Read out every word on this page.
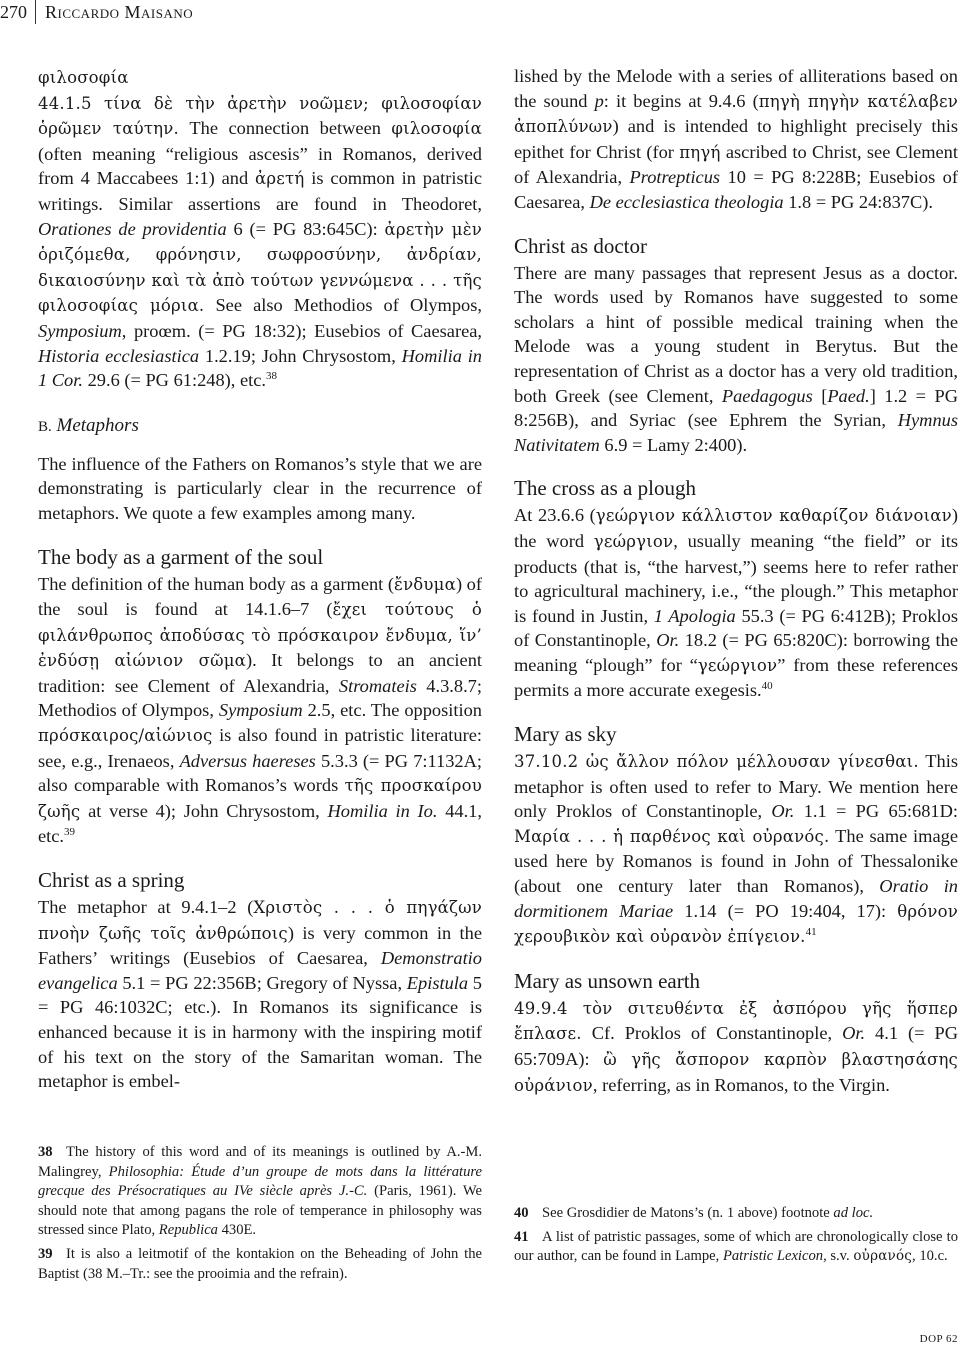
270 Riccardo Maisano
φιλοσοφία

44.1.5 τίνα δὲ τὴν ἀρετὴν νοῶμεν; φιλοσοφίαν ὁρῶμεν ταύτην. The connection between φιλοσοφία (often meaning “religious ascesis” in Romanos, derived from 4 Maccabees 1:1) and ἀρετή is common in patristic writings. Similar assertions are found in Theodoret, Orationes de providentia 6 (= PG 83:645C): ἀρετὴν μὲν ὁριζόμεθα, φρόνησιν, σωφροσύνην, ἀνδρίαν, δικαιοσύνην καὶ τὰ ἀπὸ τούτων γεννώμενα . . . τῆς φιλοσοφίας μόρια. See also Methodios of Olympos, Symposium, proœm. (= PG 18:32); Eusebios of Caesarea, Historia ecclesiastica 1.2.19; John Chrysostom, Homilia in 1 Cor. 29.6 (= PG 61:248), etc.$^{38}$

B. Metaphors

The influence of the Fathers on Romanos’s style that we are demonstrating is particularly clear in the recurrence of metaphors. We quote a few examples among many.

The body as a garment of the soul

The definition of the human body as a garment (ἔνδυμα) of the soul is found at 14.1.6–7 (ἔχει τούτους ὁ φιλάνθρωπος ἀποδύσας τὸ πρόσκαιρον ἔνδυμα, ἵν’ ἐνδύσῃ αἰώνιον σῶμα). It belongs to an ancient tradition: see Clement of Alexandria, Stromateis 4.3.8.7; Methodios of Olympos, Symposium 2.5, etc. The opposition πρόσκαιρος/αἰώνιος is also found in patristic literature: see, e.g., Irenaeos, Adversus haereses 5.3.3 (= PG 7:1132A; also comparable with Romanos’s words τῆς προσκαίρου ζωῆς at verse 4); John Chrysostom, Homilia in Io. 44.1, etc.$^{39}$

Christ as a spring

The metaphor at 9.4.1–2 (Χριστὸς . . . ὁ πηγάζων πνοὴν ζωῆς τοῖς ἀνθρώποις) is very common in the Fathers’ writings (Eusebios of Caesarea, Demonstratio evangelica 5.1 = PG 22:356B; Gregory of Nyssa, Epistula 5 = PG 46:1032C; etc.). In Romanos its significance is enhanced because it is in harmony with the inspiring motif of his text on the story of the Samaritan woman. The metaphor is embel-

lished by the Melode with a series of alliterations based on the sound p: it begins at 9.4.6 (πηγὴ πηγὴν κατέλαβεν ἀποπλύνων) and is intended to highlight precisely this epithet for Christ (for πηγή ascribed to Christ, see Clement of Alexandria, Protrepticus 10 = PG 8:228B; Eusebios of Caesarea, De ecclesiastica theologia 1.8 = PG 24:837C).

Christ as doctor

There are many passages that represent Jesus as a doctor. The words used by Romanos have suggested to some scholars a hint of possible medical training when the Melode was a young student in Berytus. But the representation of Christ as a doctor has a very old tradition, both Greek (see Clement, Paedagogus [Paed.] 1.2 = PG 8:256B), and Syriac (see Ephrem the Syrian, Hymnus Nativitatem 6.9 = Lamy 2:400).

The cross as a plough

At 23.6.6 (γεώργιον κάλλιστον καθαρίζον διάνοιαν) the word γεώργιον, usually meaning “the field” or its products (that is, “the harvest,”) seems here to refer rather to agricultural machinery, i.e., “the plough.” This metaphor is found in Justin, 1 Apologia 55.3 (= PG 6:412B); Proklos of Constantinople, Or. 18.2 (= PG 65:820C): borrowing the meaning “plough” for “γεώργιον” from these references permits a more accurate exegesis.$^{40}$

Mary as sky

37.10.2 ὡς ἄλλον πόλον μέλλουσαν γίνεσθαι. This metaphor is often used to refer to Mary. We mention here only Proklos of Constantinople, Or. 1.1 = PG 65:681D: Μαρία . . . ἡ παρθένος καὶ οὐρανός. The same image used here by Romanos is found in John of Thessalonike (about one century later than Romanos), Oratio in dormitionem Mariae 1.14 (= PO 19:404, 17): θρόνον χερουβικὸν καὶ οὐρανὸν ἐπίγειον.$^{41}$

Mary as unsown earth

49.9.4 τὸν σιτευθέντα ἐξ ἀσπόρου γῆς ἥσπερ ἔπλασε. Cf. Proklos of Constantinople, Or. 4.1 (= PG 65:709A): ὢ γῆς ἄσπορον καρπὸν βλαστησάσης οὐράνιον, referring, as in Romanos, to the Virgin.

38 The history of this word and of its meanings is outlined by A.-M. Malingrey, Philosophia: Étude d’un groupe de mots dans la littérature grecque des Présocratiques au IVe siècle après J.-C. (Paris, 1961). We should note that among pagans the role of temperance in philosophy was stressed since Plato, Republica 430E.

39 It is also a leitmotif of the kontakion on the Beheading of John the Baptist (38 M.–Tr.: see the prooimia and the refrain).

40 See Grosdidier de Matons’s (n. 1 above) footnote ad loc.

41 A list of patristic passages, some of which are chronologically close to our author, can be found in Lampe, Patristic Lexicon, s.v. οὐρανός, 10.c.

DOP 62
